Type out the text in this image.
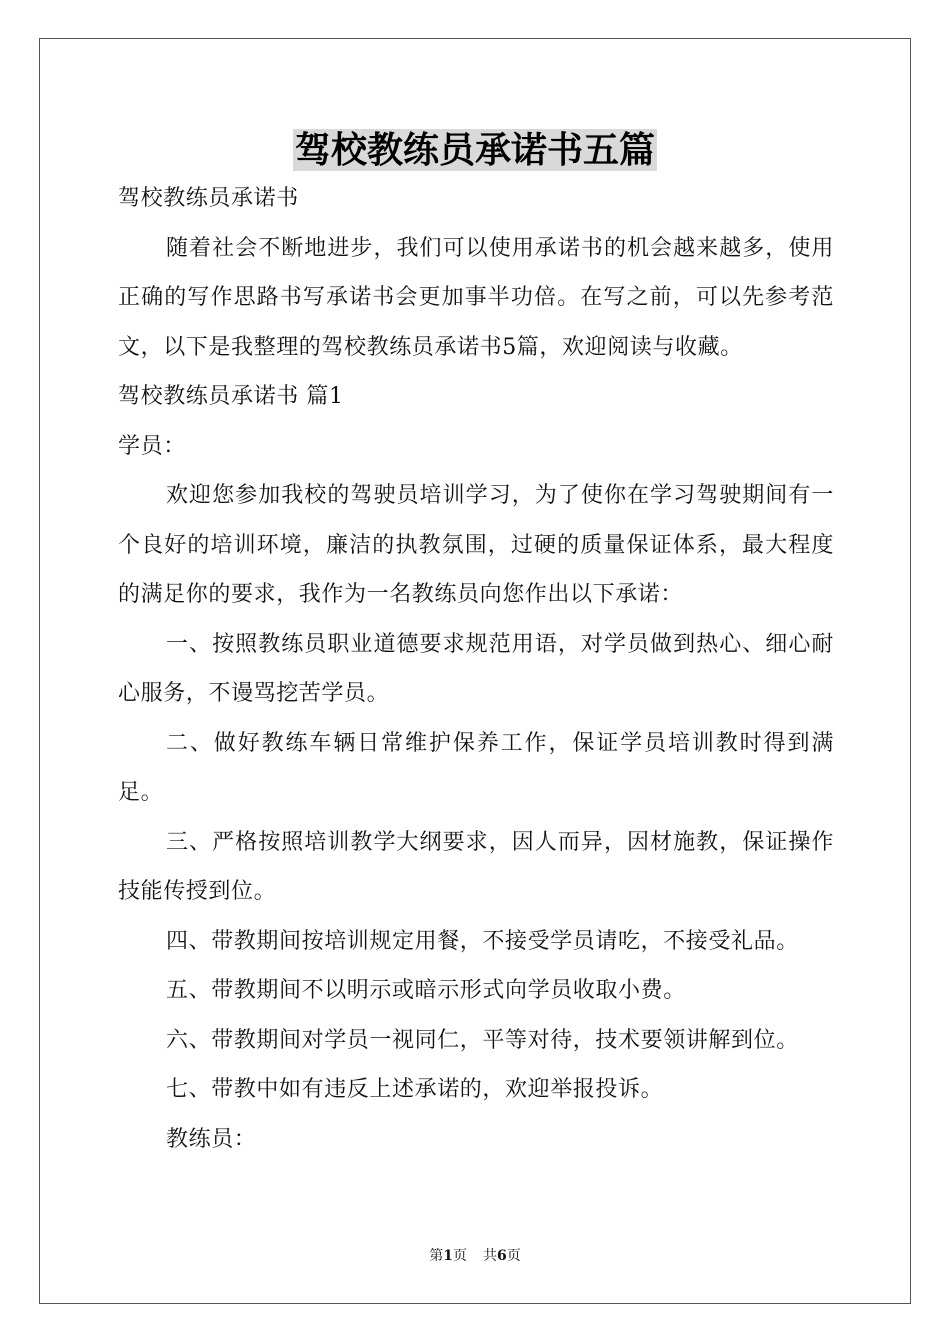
驾校教练员承诺书五篇

驾校教练员承诺书

随着社会不断地进步，我们可以使用承诺书的机会越来越多，使用正确的写作思路书写承诺书会更加事半功倍。在写之前，可以先参考范文，以下是我整理的驾校教练员承诺书5篇，欢迎阅读与收藏。

驾校教练员承诺书 篇1

学员：

欢迎您参加我校的驾驶员培训学习，为了使你在学习驾驶期间有一个良好的培训环境，廉洁的执教氛围，过硬的质量保证体系，最大程度的满足你的要求，我作为一名教练员向您作出以下承诺：

一、按照教练员职业道德要求规范用语，对学员做到热心、细心耐心服务，不谩骂挖苦学员。

二、做好教练车辆日常维护保养工作，保证学员培训教时得到满足。

三、严格按照培训教学大纲要求，因人而异，因材施教，保证操作技能传授到位。

四、带教期间按培训规定用餐，不接受学员请吃，不接受礼品。

五、带教期间不以明示或暗示形式向学员收取小费。

六、带教期间对学员一视同仁，平等对待，技术要领讲解到位。

七、带教中如有违反上述承诺的，欢迎举报投诉。

教练员：

第1页 共6页
